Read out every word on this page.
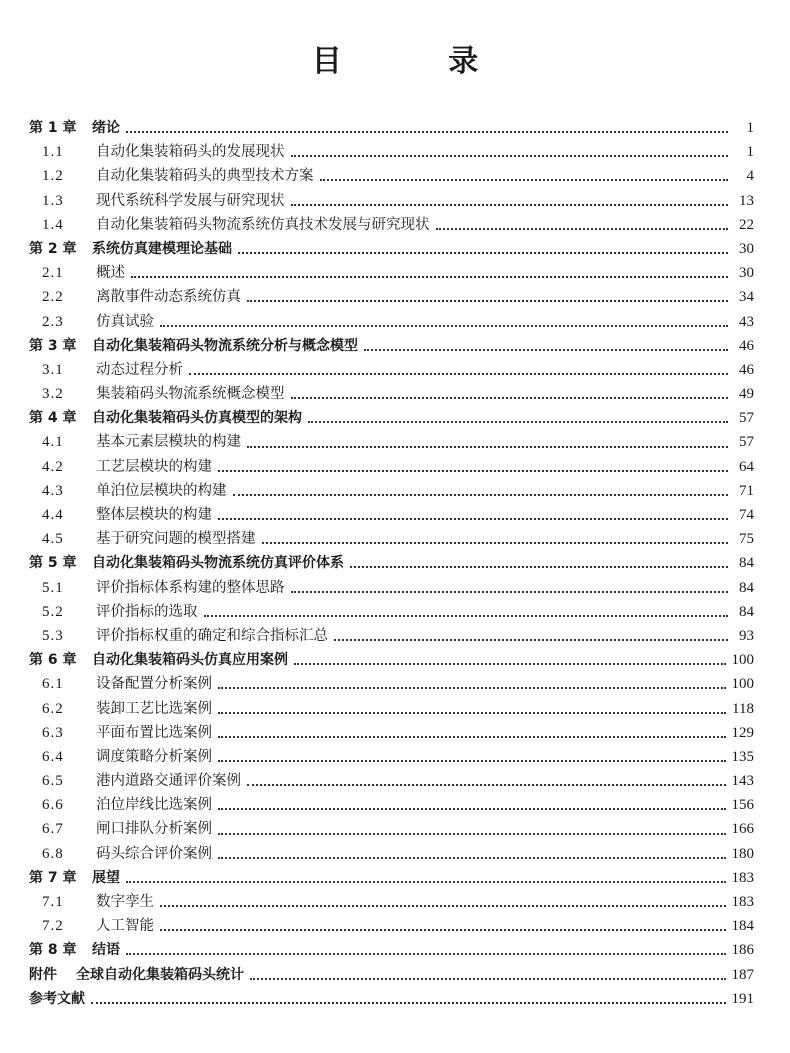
目 录
第 1 章	绪论	1
1.1	自动化集装箱码头的发展现状	1
1.2	自动化集装箱码头的典型技术方案	4
1.3	现代系统科学发展与研究现状	13
1.4	自动化集装箱码头物流系统仿真技术发展与研究现状	22
第 2 章	系统仿真建模理论基础	30
2.1	概述	30
2.2	离散事件动态系统仿真	34
2.3	仿真试验	43
第 3 章	自动化集装箱码头物流系统分析与概念模型	46
3.1	动态过程分析	46
3.2	集装箱码头物流系统概念模型	49
第 4 章	自动化集装箱码头仿真模型的架构	57
4.1	基本元素层模块的构建	57
4.2	工艺层模块的构建	64
4.3	单泊位层模块的构建	71
4.4	整体层模块的构建	74
4.5	基于研究问题的模型搭建	75
第 5 章	自动化集装箱码头物流系统仿真评价体系	84
5.1	评价指标体系构建的整体思路	84
5.2	评价指标的选取	84
5.3	评价指标权重的确定和综合指标汇总	93
第 6 章	自动化集装箱码头仿真应用案例	100
6.1	设备配置分析案例	100
6.2	装卸工艺比选案例	118
6.3	平面布置比选案例	129
6.4	调度策略分析案例	135
6.5	港内道路交通评价案例	143
6.6	泊位岸线比选案例	156
6.7	闸口排队分析案例	166
6.8	码头综合评价案例	180
第 7 章	展望	183
7.1	数字孪生	183
7.2	人工智能	184
第 8 章	结语	186
附件	全球自动化集装箱码头统计	187
参考文献	191
